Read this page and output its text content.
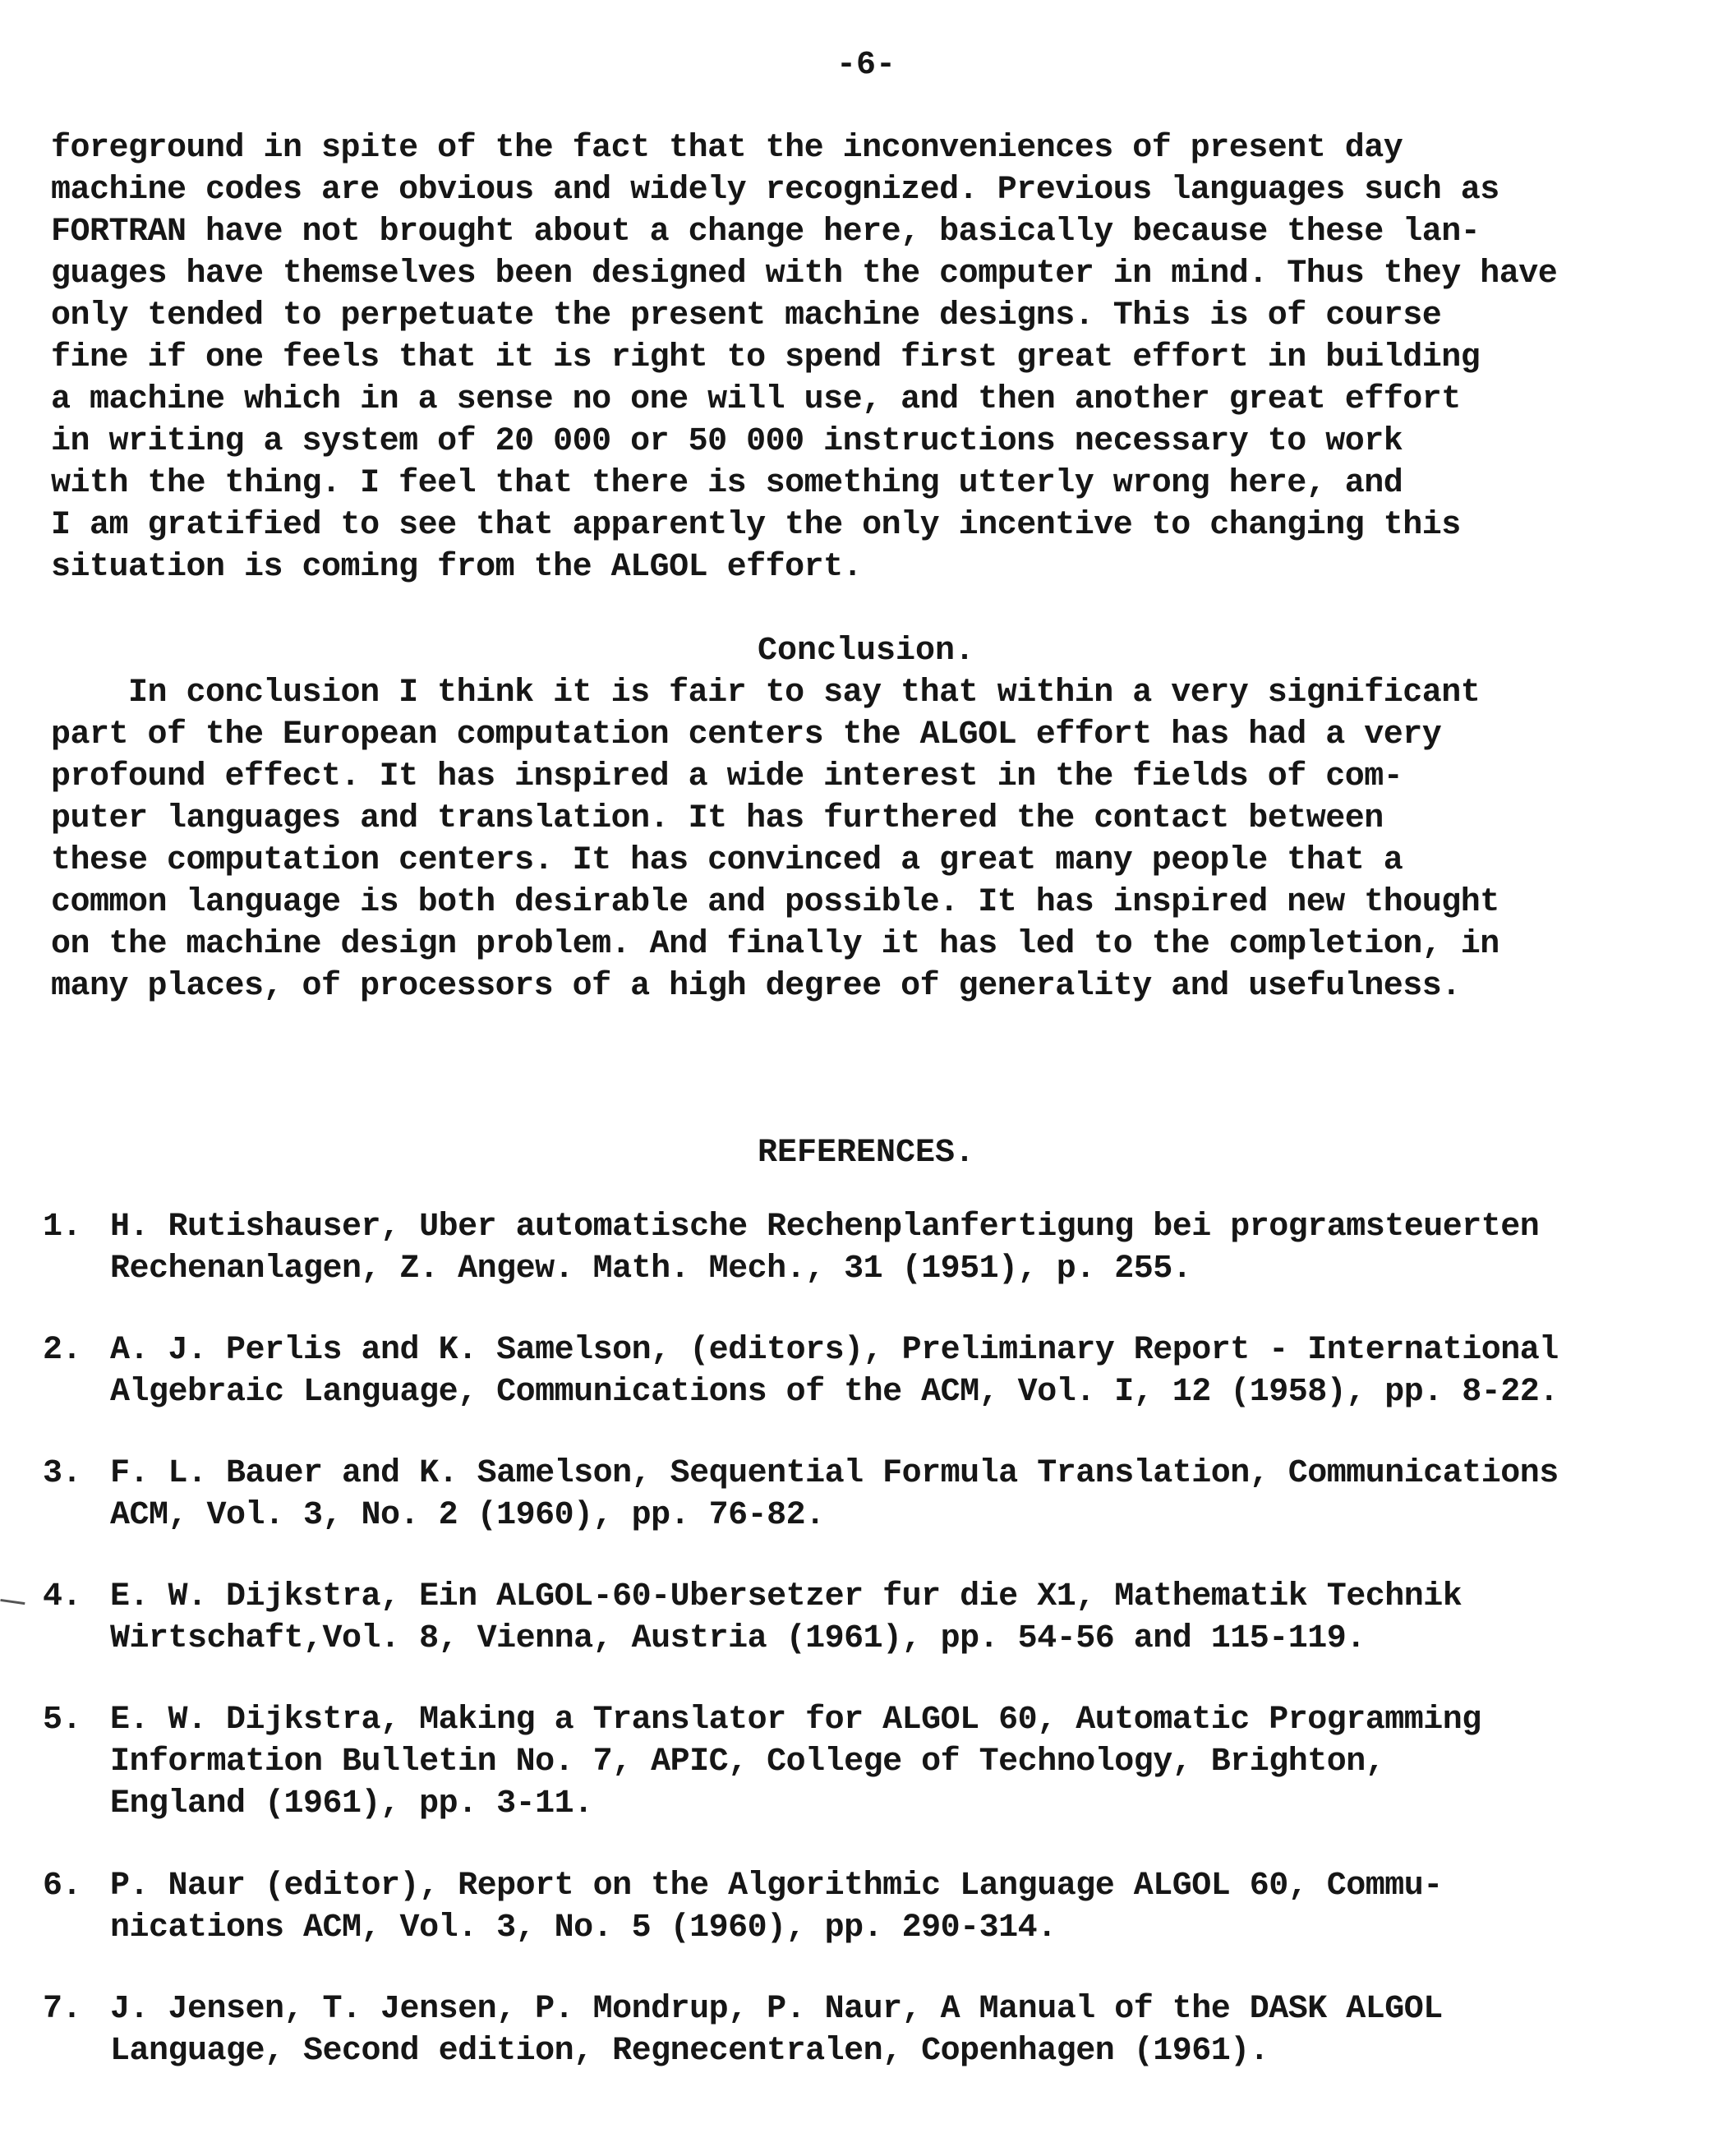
-6-
foreground in spite of the fact that the inconveniences of present day
machine codes are obvious and widely recognized. Previous languages such as
FORTRAN have not brought about a change here, basically because these lan-
guages have themselves been designed with the computer in mind. Thus they have
only tended to perpetuate the present machine designs. This is of course
fine if one feels that it is right to spend first great effort in building
a machine which in a sense no one will use, and then another great effort
in writing a system of 20 000 or 50 000 instructions necessary to work
with the thing. I feel that there is something utterly wrong here, and
I am gratified to see that apparently the only incentive to changing this
situation is coming from the ALGOL effort.
Conclusion.
In conclusion I think it is fair to say that within a very significant
part of the European computation centers the ALGOL effort has had a very
profound effect. It has inspired a wide interest in the fields of com-
puter languages and translation. It has furthered the contact between
these computation centers. It has convinced a great many people that a
common language is both desirable and possible. It has inspired new thought
on the machine design problem. And finally it has led to the completion, in
many places, of processors of a high degree of generality and usefulness.
REFERENCES.
1. H. Rutishauser, Uber automatische Rechenplanfertigung bei programsteuerten
Rechenanlagen, Z. Angew. Math. Mech., 31 (1951), p. 255.
2. A. J. Perlis and K. Samelson, (editors), Preliminary Report - International
Algebraic Language, Communications of the ACM, Vol. I, 12 (1958), pp. 8-22.
3. F. L. Bauer and K. Samelson, Sequential Formula Translation, Communications
ACM, Vol. 3, No. 2 (1960), pp. 76-82.
4. E. W. Dijkstra, Ein ALGOL-60-Ubersetzer fur die X1, Mathematik Technik
Wirtschaft,Vol. 8, Vienna, Austria (1961), pp. 54-56 and 115-119.
5. E. W. Dijkstra, Making a Translator for ALGOL 60, Automatic Programming
Information Bulletin No. 7, APIC, College of Technology, Brighton,
England (1961), pp. 3-11.
6. P. Naur (editor), Report on the Algorithmic Language ALGOL 60, Commu-
nications ACM, Vol. 3, No. 5 (1960), pp. 290-314.
7. J. Jensen, T. Jensen, P. Mondrup, P. Naur, A Manual of the DASK ALGOL
Language, Second edition, Regnecentralen, Copenhagen (1961).
